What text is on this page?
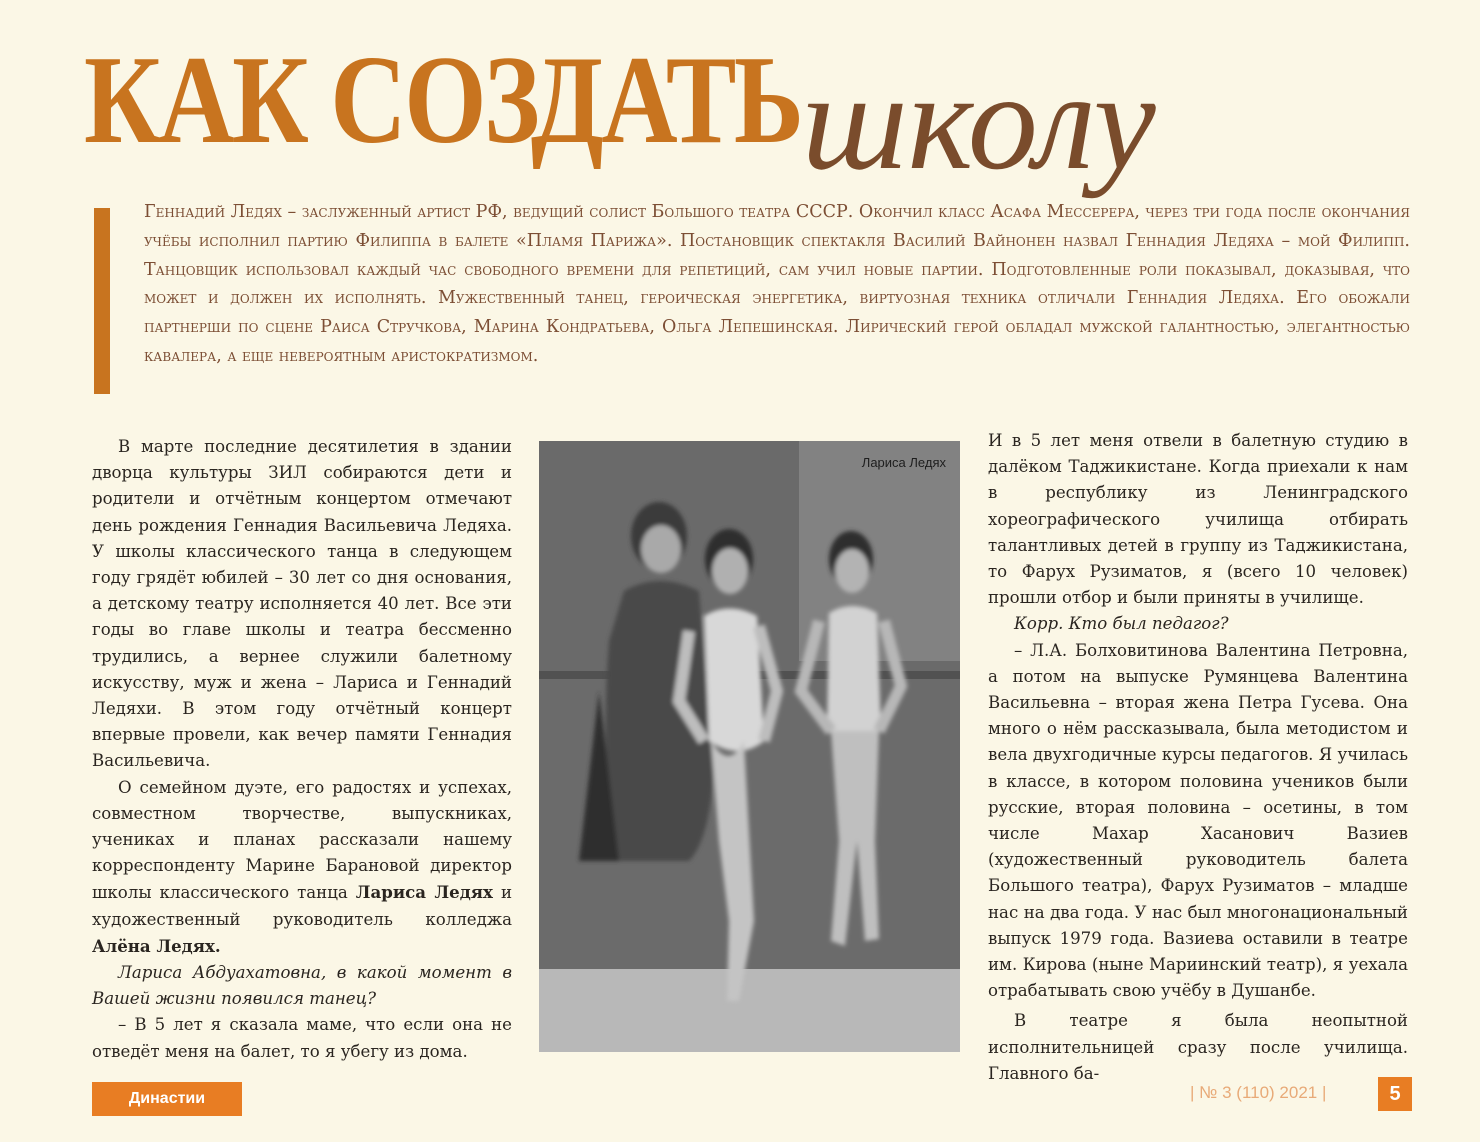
КАК СОЗДАТЬ школу
Геннадий Ледях – заслуженный артист РФ, ведущий солист Большого театра СССР. Окончил класс Асафа Мессерера, через три года после окончания учёбы исполнил партию Филиппа в балете «Пламя Парижа». Постановщик спектакля Василий Вайнонен назвал Геннадия Ледяха – мой Филипп. Танцовщик использовал каждый час свободного времени для репетиций, сам учил новые партии. Подготовленные роли показывал, доказывая, что может и должен их исполнять. Мужественный танец, героическая энергетика, виртуозная техника отличали Геннадия Ледяха. Его обожали партнерши по сцене Раиса Стручкова, Марина Кондратьева, Ольга Лепешинская. Лирический герой обладал мужской галантностью, элегантностью кавалера, а еще невероятным аристократизмом.

В марте последние десятилетия в здании дворца культуры ЗИЛ собираются дети и родители и отчётным концертом отмечают день рождения Геннадия Васильевича Ледяха. У школы классического танца в следующем году грядёт юбилей – 30 лет со дня основания, а детскому театру исполняется 40 лет. Все эти годы во главе школы и театра бессменно трудились, а вернее служили балетному искусству, муж и жена – Лариса и Геннадий Ледяхи. В этом году отчётный концерт впервые провели, как вечер памяти Геннадия Васильевича.

О семейном дуэте, его радостях и успехах, совместном творчестве, выпускниках, учениках и планах рассказали нашему корреспонденту Марине Барановой директор школы классического танца Лариса Ледях и художественный руководитель колледжа Алёна Ледях.

Лариса Абдуахатовна, в какой момент в Вашей жизни появился танец?

– В 5 лет я сказала маме, что если она не отведёт меня на балет, то я убегу из дома.

Лариса Ледях

И в 5 лет меня отвели в балетную студию в далёком Таджикистане. Когда приехали к нам в республику из Ленинградского хореографического училища отбирать талантливых детей в группу из Таджикистана, то Фарух Рузиматов, я (всего 10 человек) прошли отбор и были приняты в училище.

Корр. Кто был педагог?

– Л.А. Болховитинова Валентина Петровна, а потом на выпуске Румянцева Валентина Васильевна – вторая жена Петра Гусева. Она много о нём рассказывала, была методистом и вела двухгодичные курсы педагогов. Я училась в классе, в котором половина учеников были русские, вторая половина – осетины, в том числе Махар Хасанович Вазиев (художественный руководитель балета Большого театра), Фарух Рузиматов – младше нас на два года. У нас был многонациональный выпуск 1979 года. Вазиева оставили в театре им. Кирова (ныне Мариинский театр), я уехала отрабатывать свою учёбу в Душанбе.

В театре я была неопытной исполнительницей сразу после училища. Главного ба-

Династии	| № 3 (110) 2021 |	5
